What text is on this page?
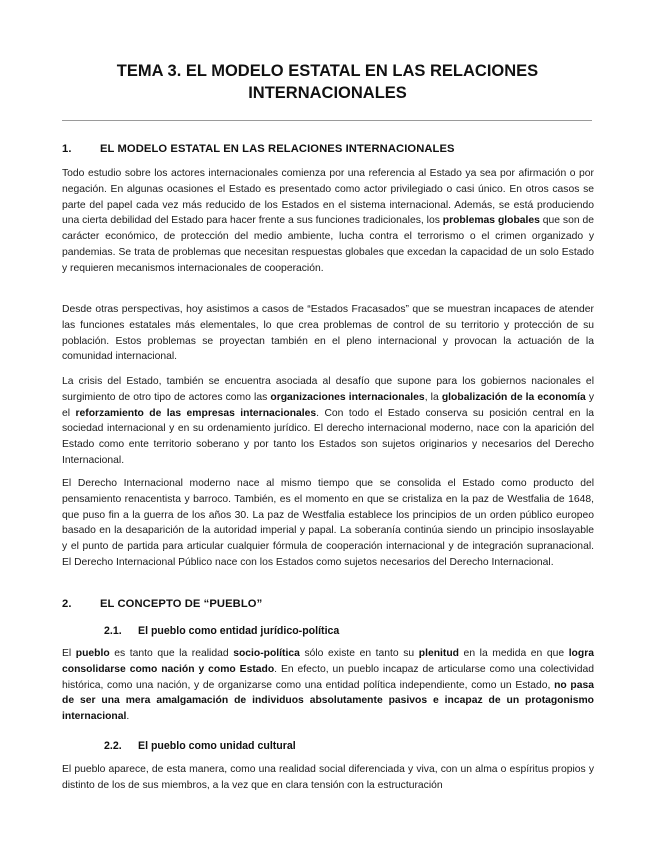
TEMA 3. EL MODELO ESTATAL EN LAS RELACIONES INTERNACIONALES
1.	EL MODELO ESTATAL EN LAS RELACIONES INTERNACIONALES

Todo estudio sobre los actores internacionales comienza por una referencia al Estado ya sea por afirmación o por negación. En algunas ocasiones el Estado es presentado como actor privilegiado o casi único. En otros casos se parte del papel cada vez más reducido de los Estados en el sistema internacional. Además, se está produciendo una cierta debilidad del Estado para hacer frente a sus funciones tradicionales, los problemas globales que son de carácter económico, de protección del medio ambiente, lucha contra el terrorismo o el crimen organizado y pandemias. Se trata de problemas que necesitan respuestas globales que excedan la capacidad de un solo Estado y requieren mecanismos internacionales de cooperación.

Desde otras perspectivas, hoy asistimos a casos de “Estados Fracasados” que se muestran incapaces de atender las funciones estatales más elementales, lo que crea problemas de control de su territorio y protección de su población. Estos problemas se proyectan también en el pleno internacional y provocan la actuación de la comunidad internacional.

La crisis del Estado, también se encuentra asociada al desafío que supone para los gobiernos nacionales el surgimiento de otro tipo de actores como las organizaciones internacionales, la globalización de la economía y el reforzamiento de las empresas internacionales. Con todo el Estado conserva su posición central en la sociedad internacional y en su ordenamiento jurídico. El derecho internacional moderno, nace con la aparición del Estado como ente territorio soberano y por tanto los Estados son sujetos originarios y necesarios del Derecho Internacional.

El Derecho Internacional moderno nace al mismo tiempo que se consolida el Estado como producto del pensamiento renacentista y barroco. También, es el momento en que se cristaliza en la paz de Westfalia de 1648, que puso fin a la guerra de los años 30. La paz de Westfalia establece los principios de un orden público europeo basado en la desaparición de la autoridad imperial y papal. La soberanía continúa siendo un principio insoslayable y el punto de partida para articular cualquier fórmula de cooperación internacional y de integración supranacional. El Derecho Internacional Público nace con los Estados como sujetos necesarios del Derecho Internacional.

2.	EL CONCEPTO DE “PUEBLO”
2.1. El pueblo como entidad jurídico-política

El pueblo es tanto que la realidad socio-política sólo existe en tanto su plenitud en la medida en que logra consolidarse como nación y como Estado. En efecto, un pueblo incapaz de articularse como una colectividad histórica, como una nación, y de organizarse como una entidad política independiente, como un Estado, no pasa de ser una mera amalgamación de individuos absolutamente pasivos e incapaz de un protagonismo internacional.

2.2. El pueblo como unidad cultural

El pueblo aparece, de esta manera, como una realidad social diferenciada y viva, con un alma o espíritus propios y distinto de los de sus miembros, a la vez que en clara tensión con la estructuración
